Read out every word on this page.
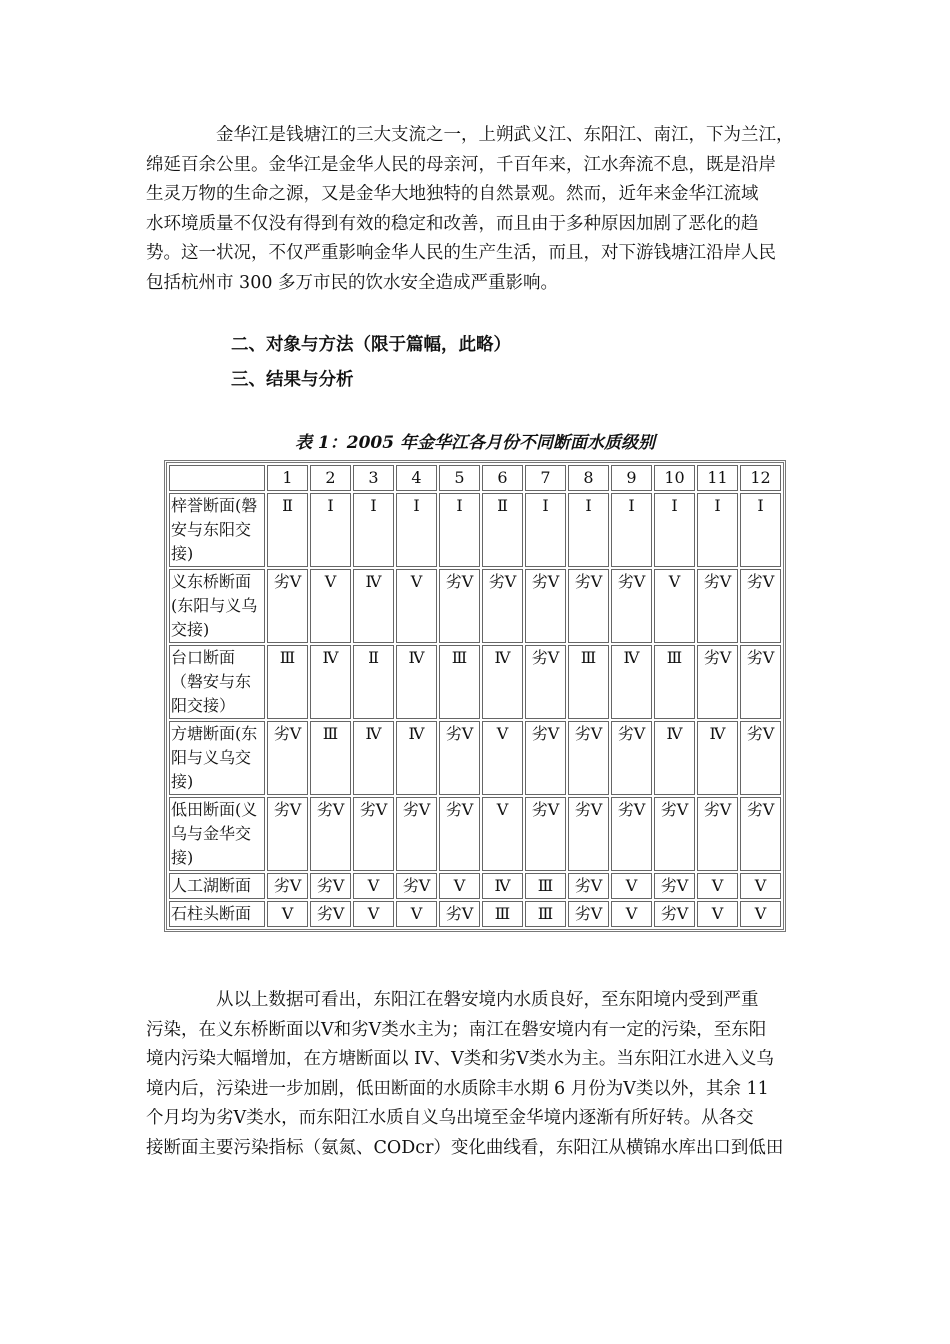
金华江是钱塘江的三大支流之一，上朔武义江、东阳江、南江，下为兰江，
绵延百余公里。金华江是金华人民的母亲河，千百年来，江水奔流不息，既是沿岸
生灵万物的生命之源，又是金华大地独特的自然景观。然而，近年来金华江流域
水环境质量不仅没有得到有效的稳定和改善，而且由于多种原因加剧了恶化的趋
势。这一状况，不仅严重影响金华人民的生产生活，而且，对下游钱塘江沿岸人民
包括杭州市 300 多万市民的饮水安全造成严重影响。
二、对象与方法（限于篇幅，此略）
三、结果与分析

表 1：2005 年金华江各月份不同断面水质级别

	1	2	3	4	5	6	7	8	9	10	11	12
梓誉断面(磐安与东阳交接)	Ⅱ	Ⅰ	Ⅰ	Ⅰ	Ⅰ	Ⅱ	Ⅰ	Ⅰ	Ⅰ	Ⅰ	Ⅰ	Ⅰ
义东桥断面(东阳与义乌交接)	劣Ⅴ	Ⅴ	Ⅳ	Ⅴ	劣Ⅴ	劣Ⅴ	劣Ⅴ	劣Ⅴ	劣Ⅴ	Ⅴ	劣Ⅴ	劣Ⅴ
台口断面（磐安与东阳交接）	Ⅲ	Ⅳ	Ⅱ	Ⅳ	Ⅲ	Ⅳ	劣Ⅴ	Ⅲ	Ⅳ	Ⅲ	劣Ⅴ	劣Ⅴ
方塘断面(东阳与义乌交接)	劣Ⅴ	Ⅲ	Ⅳ	Ⅳ	劣Ⅴ	Ⅴ	劣Ⅴ	劣Ⅴ	劣Ⅴ	Ⅳ	Ⅳ	劣Ⅴ
低田断面(义乌与金华交接)	劣Ⅴ	劣Ⅴ	劣Ⅴ	劣Ⅴ	劣Ⅴ	Ⅴ	劣Ⅴ	劣Ⅴ	劣Ⅴ	劣Ⅴ	劣Ⅴ	劣Ⅴ
人工湖断面	劣Ⅴ	劣Ⅴ	Ⅴ	劣Ⅴ	Ⅴ	Ⅳ	Ⅲ	劣Ⅴ	Ⅴ	劣Ⅴ	Ⅴ	Ⅴ
石柱头断面	Ⅴ	劣Ⅴ	Ⅴ	Ⅴ	劣Ⅴ	Ⅲ	Ⅲ	劣Ⅴ	Ⅴ	劣Ⅴ	Ⅴ	Ⅴ
从以上数据可看出，东阳江在磐安境内水质良好，至东阳境内受到严重
污染，在义东桥断面以Ⅴ和劣Ⅴ类水主为；南江在磐安境内有一定的污染，至东阳
境内污染大幅增加，在方塘断面以 IV、Ⅴ类和劣Ⅴ类水为主。当东阳江水进入义乌
境内后，污染进一步加剧，低田断面的水质除丰水期 6 月份为Ⅴ类以外，其余 11
个月均为劣Ⅴ类水，而东阳江水质自义乌出境至金华境内逐渐有所好转。从各交
接断面主要污染指标（氨氮、CODcr）变化曲线看，东阳江从横锦水库出口到低田
